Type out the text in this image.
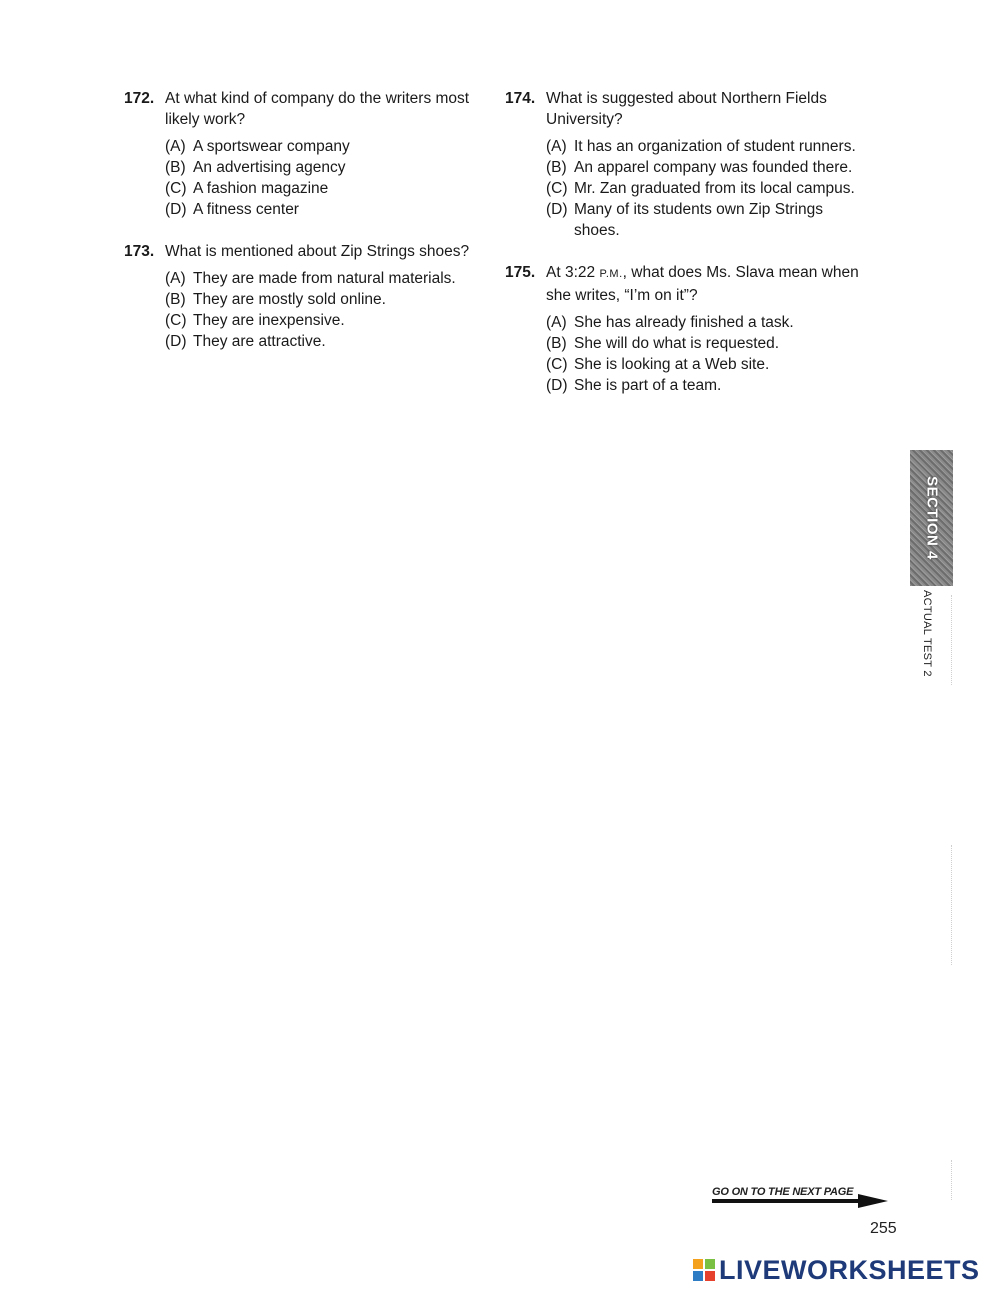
172. At what kind of company do the writers most likely work?
(A) A sportswear company
(B) An advertising agency
(C) A fashion magazine
(D) A fitness center
173. What is mentioned about Zip Strings shoes?
(A) They are made from natural materials.
(B) They are mostly sold online.
(C) They are inexpensive.
(D) They are attractive.
174. What is suggested about Northern Fields University?
(A) It has an organization of student runners.
(B) An apparel company was founded there.
(C) Mr. Zan graduated from its local campus.
(D) Many of its students own Zip Strings shoes.
175. At 3:22 P.M., what does Ms. Slava mean when she writes, “I’m on it”?
(A) She has already finished a task.
(B) She will do what is requested.
(C) She is looking at a Web site.
(D) She is part of a team.
SECTION 4
ACTUAL TEST 2
GO ON TO THE NEXT PAGE
255
LIVEWORKSHEETS
